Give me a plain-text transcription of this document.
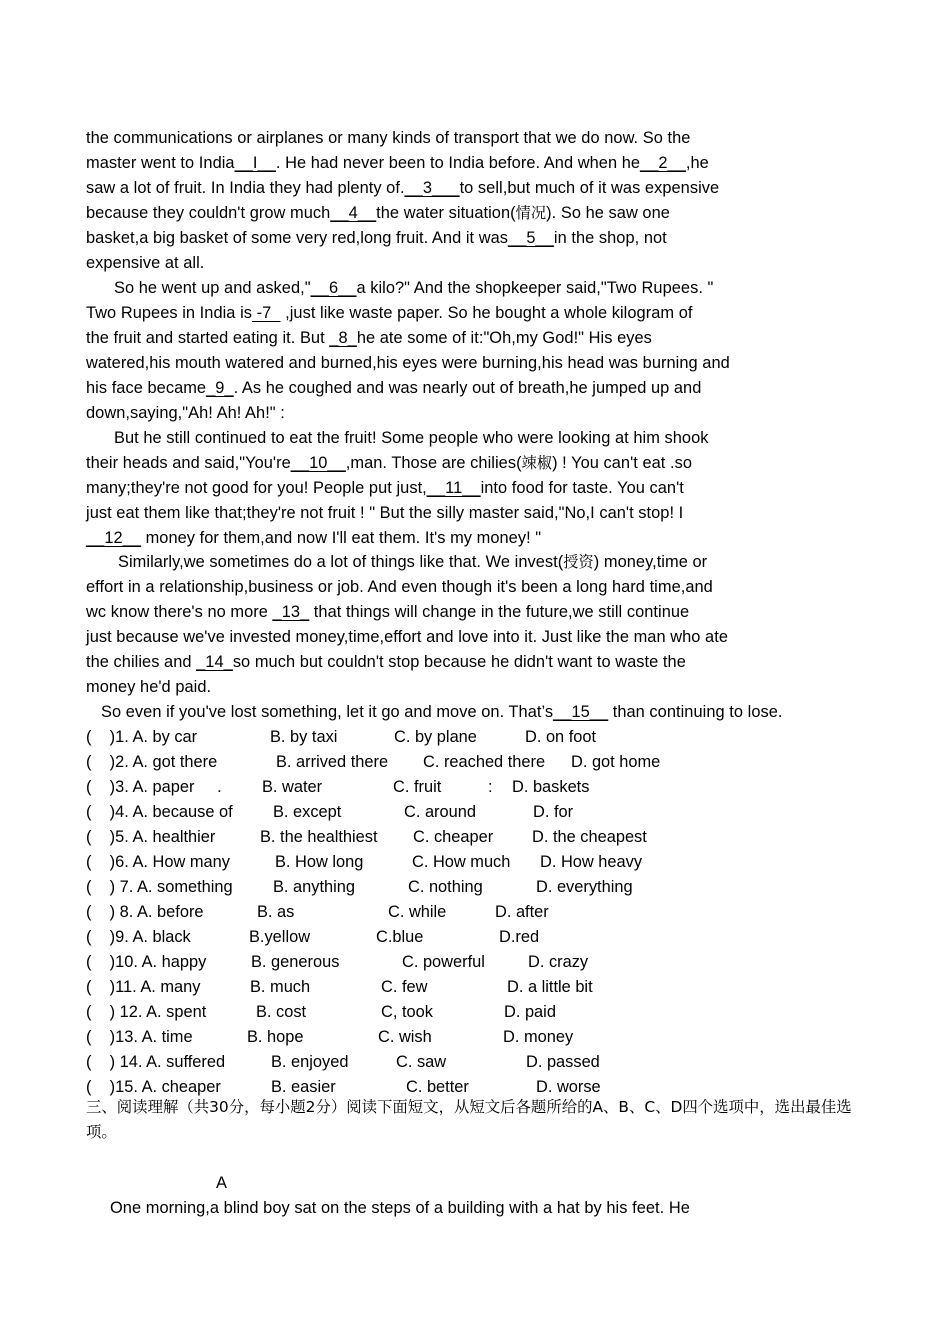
the communications or airplanes or many kinds of transport that we do now. So the
master went to India__I__. He had never been to India before. And when he__2__,he
saw a lot of fruit. In India they had plenty of.__3___to sell,but much of it was expensive
because they couldn't grow much__4__the water situation(情况). So he saw one
basket,a big basket of some very red,long fruit. And it was__5__in the shop, not
expensive at all.
So he went up and asked,"__6__a kilo?" And the shopkeeper said,"Two Rupees. "
Two Rupees in India is -7   ,just like waste paper. So he bought a whole kilogram of
the fruit and started eating it. But _8_he ate some of it:"Oh,my God!" His eyes
watered,his mouth watered and burned,his eyes were burning,his head was burning and
his face became_9_. As he coughed and was nearly out of breath,he jumped up and
down,saying,"Ah! Ah! Ah!" :
But he still continued to eat the fruit! Some people who were looking at him shook
their heads and said,"You're__10__,man. Those are chilies(竦椒) ! You can't eat .so
many;they're not good for you! People put just,__11__into food for taste. You can't
just eat them like that;they're not fruit ! " But the silly master said,"No,I can't stop! I
__12__ money for them,and now I'll eat them. It's my money! "
Similarly,we sometimes do a lot of things like that. We invest(授资) money,time or
effort in a relationship,business or job. And even though it's been a long hard time,and
wc know there's no more _13_ that things will change in the future,we still continue
just because we've invested money,time,effort and love into it. Just like the man who ate
the chilies and _14_so much but couldn't stop because he didn't want to waste the
money he'd paid.
So even if you've lost something, let it go and move on. That’s__15__ than continuing to lose.
(    )1. A. by car	B. by taxi	C. by plane	D. on foot
(    )2. A. got there	B. arrived there C. reached there D. got home
(    )3. A. paper     . B. water	C. fruit	: D. baskets
(    )4. A. because of B. except	C. around	D. for
(    )5. A. healthier	B. the healthiest C. cheaper D. the cheapest
(    )6. A. How many	B. How long	C. How much D. How heavy
(    ) 7. A. something B. anything	C. nothing	D. everything
(    ) 8. A. before	B. as	C. while	D. after
(    )9. A. black	B.yellow	C.blue	D.red
(    )10. A. happy	B. generous	C. powerful	D. crazy
(    )11. A. many	B. much	C. few	D. a little bit
(    ) 12. A. spent	B. cost	C, took	D. paid
(    )13. A. time	B. hope	C. wish	D. money
(    ) 14. A. suffered	B. enjoyed	C. saw	D. passed
(    )15. A. cheaper	B. easier	C. better	D. worse
三、阅读理解（共30分，每小题2分）阅读下面短文，从短文后各题所给的A、B、C、D四个选项中，选出最佳选项。
A
One morning,a blind boy sat on the steps of a building with a hat by his feet. He
